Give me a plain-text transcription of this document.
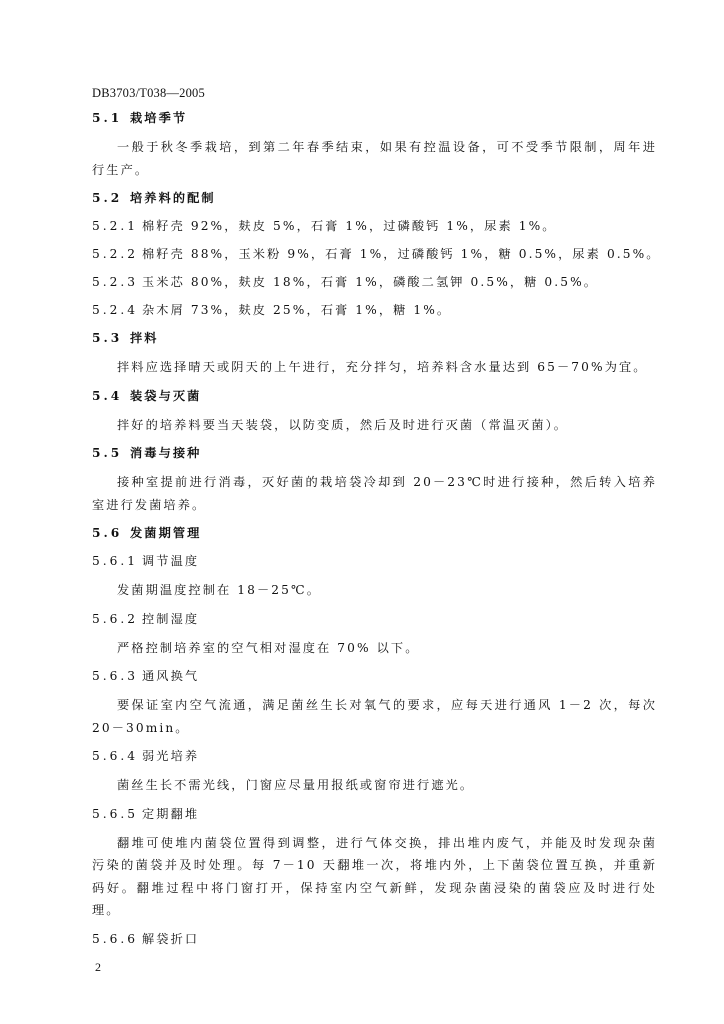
DB3703/T038—2005
5.1 栽培季节

一般于秋冬季栽培，到第二年春季结束，如果有控温设备，可不受季节限制，周年进行生产。

5.2 培养料的配制
5.2.1 棉籽壳 92%，麸皮 5%，石膏 1%，过磷酸钙 1%，尿素 1%。
5.2.2 棉籽壳 88%，玉米粉 9%，石膏 1%，过磷酸钙 1%，糖 0.5%，尿素 0.5%。
5.2.3 玉米芯 80%，麸皮 18%，石膏 1%，磷酸二氢钾 0.5%，糖 0.5%。
5.2.4 杂木屑 73%，麸皮 25%，石膏 1%，糖 1%。
5.3 拌料

拌料应选择晴天或阴天的上午进行，充分拌匀，培养料含水量达到 65－70%为宜。

5.4 装袋与灭菌

拌好的培养料要当天装袋，以防变质，然后及时进行灭菌（常温灭菌）。

5.5 消毒与接种

接种室提前进行消毒，灭好菌的栽培袋冷却到 20－23℃时进行接种，然后转入培养室进行发菌培养。

5.6 发菌期管理
5.6.1 调节温度

发菌期温度控制在 18－25℃。

5.6.2 控制湿度

严格控制培养室的空气相对湿度在 70% 以下。

5.6.3 通风换气

要保证室内空气流通，满足菌丝生长对氧气的要求，应每天进行通风 1－2 次，每次 20－30min。

5.6.4 弱光培养

菌丝生长不需光线，门窗应尽量用报纸或窗帘进行遮光。

5.6.5 定期翻堆

翻堆可使堆内菌袋位置得到调整，进行气体交换，排出堆内废气，并能及时发现杂菌污染的菌袋并及时处理。每 7－10 天翻堆一次，将堆内外，上下菌袋位置互换，并重新码好。翻堆过程中将门窗打开，保持室内空气新鲜，发现杂菌浸染的菌袋应及时进行处理。

5.6.6 解袋折口
2
